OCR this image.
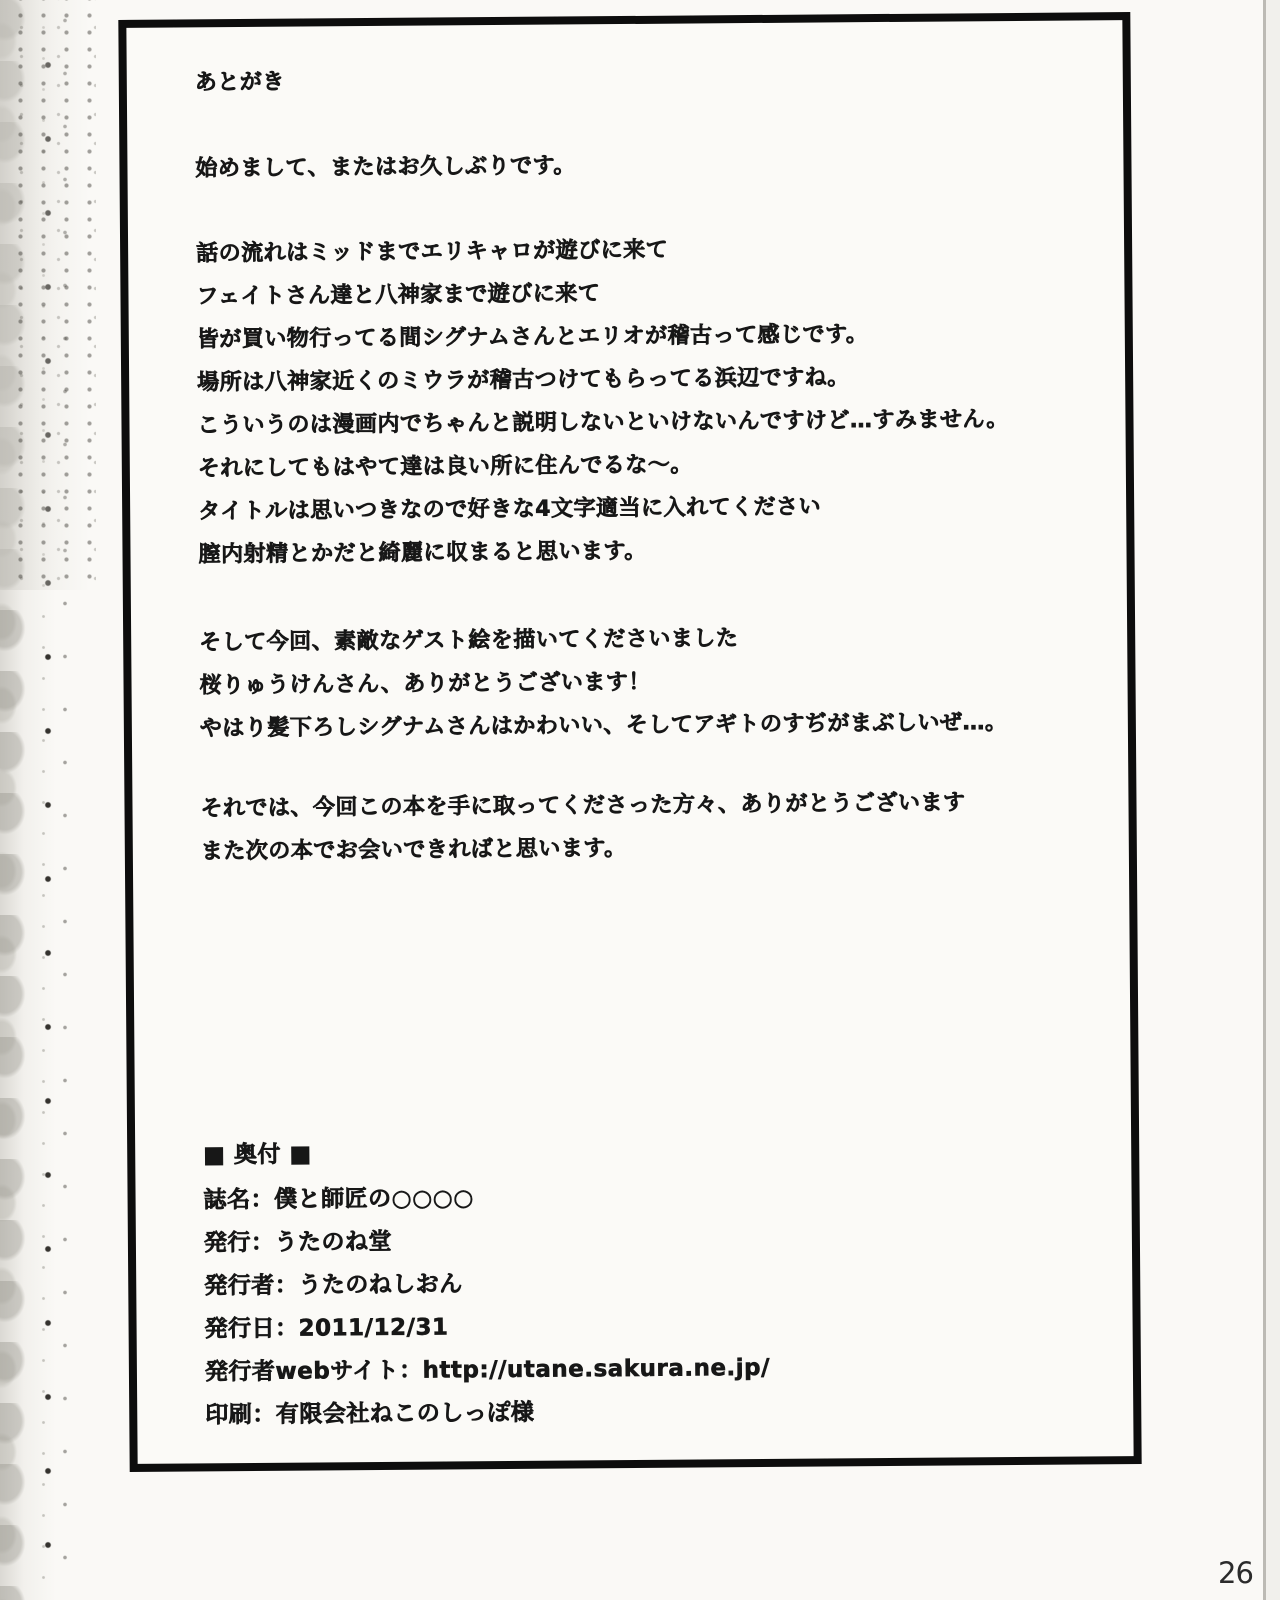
あとがき
始めまして、またはお久しぶりです。
話の流れはミッドまでエリキャロが遊びに来て
フェイトさん達と八神家まで遊びに来て
皆が買い物行ってる間シグナムさんとエリオが稽古って感じです。
場所は八神家近くのミウラが稽古つけてもらってる浜辺ですね。
こういうのは漫画内でちゃんと説明しないといけないんですけど…すみません。
それにしてもはやて達は良い所に住んでるな～。
タイトルは思いつきなので好きな4文字適当に入れてください
膣内射精とかだと綺麗に収まると思います。
そして今回、素敵なゲスト絵を描いてくださいました
桜りゅうけんさん、ありがとうございます！
やはり髪下ろしシグナムさんはかわいい、そしてアギトのすぢがまぶしいぜ…。
それでは、今回この本を手に取ってくださった方々、ありがとうございます
また次の本でお会いできればと思います。
■ 奥付 ■
誌名：僕と師匠の○○○○
発行：うたのね堂
発行者：うたのねしおん
発行日：2011/12/31
発行者webサイト：http://utane.sakura.ne.jp/
印刷：有限会社ねこのしっぽ様
26
